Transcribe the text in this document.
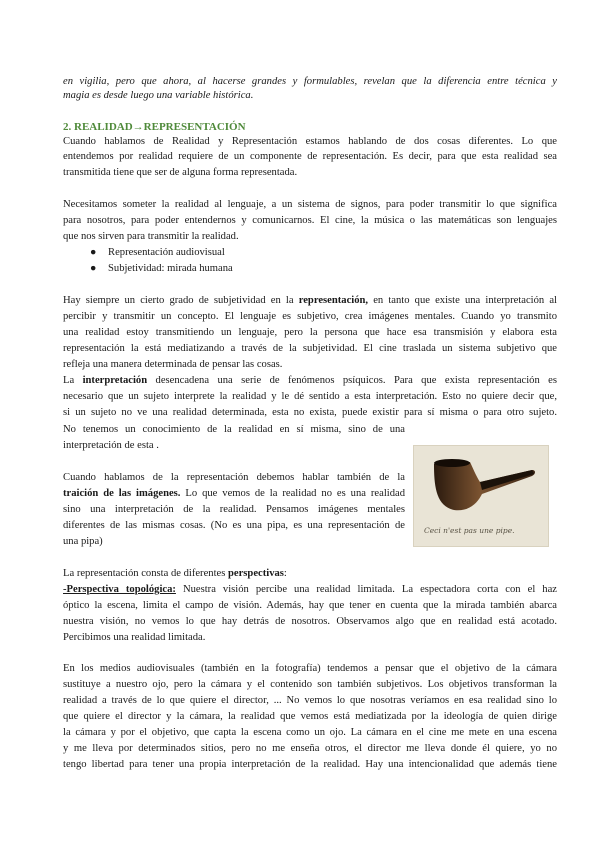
en vigilia, pero que ahora, al hacerse grandes y formulables, revelan que la diferencia entre técnica y
magia es desde luego una variable histórica.
2. REALIDAD→REPRESENTACIÓN
Cuando hablamos de Realidad y Representación estamos hablando de dos cosas diferentes. Lo que
entendemos por realidad requiere de un componente de representación. Es decir, para que esta realidad sea
transmitida tiene que ser de alguna forma representada.
Necesitamos someter la realidad al lenguaje, a un sistema de signos, para poder transmitir lo que significa
para nosotros, para poder entendernos y comunicarnos. El cine, la música o las matemáticas son lenguajes
que nos sirven para transmitir la realidad.
● Representación audiovisual
● Subjetividad: mirada humana
Hay siempre un cierto grado de subjetividad en la representación, en tanto que existe una interpretación al
percibir y transmitir un concepto. El lenguaje es subjetivo, crea imágenes mentales. Cuando yo transmito
una realidad estoy transmitiendo un lenguaje, pero la persona que hace esa transmisión y elabora esta
representación la está mediatizando a través de la subjetividad. El cine traslada un sistema subjetivo que
refleja una manera determinada de pensar las cosas.
La interpretación desencadena una serie de fenómenos psíquicos. Para que exista representación es
necesario que un sujeto interprete la realidad y le dé sentido a esta interpretación. Esto no quiere decir que,
si un sujeto no ve una realidad determinada, esta no exista, puede existir para sí misma o para otro sujeto.
No tenemos un conocimiento de la realidad en sí misma, sino de una
interpretación de esta .
Cuando hablamos de la representación debemos hablar también de la
traición de las imágenes. Lo que vemos de la realidad no es una realidad
sino una interpretación de la realidad. Pensamos imágenes mentales
diferentes de las mismas cosas. (No es una pipa, es una representación de
una pipa)
Ceci n'est pas une pipe.
La representación consta de diferentes perspectivas:
-Perspectiva topológica: Nuestra visión percibe una realidad limitada. La espectadora corta con el haz
óptico la escena, limita el campo de visión. Además, hay que tener en cuenta que la mirada también abarca
nuestra visión, no vemos lo que hay detrás de nosotros. Observamos algo que en realidad está acotado.
Percibimos una realidad limitada.
En los medios audiovisuales (también en la fotografía) tendemos a pensar que el objetivo de la cámara
sustituye a nuestro ojo, pero la cámara y el contenido son también subjetivos. Los objetivos transforman la
realidad a través de lo que quiere el director, ... No vemos lo que nosotras veríamos en esa realidad sino lo
que quiere el director y la cámara, la realidad que vemos está mediatizada por la ideología de quien dirige
la cámara y por el objetivo, que capta la escena como un ojo. La cámara en el cine me mete en una escena
y me lleva por determinados sitios, pero no me enseña otros, el director me lleva donde él quiere, yo no
tengo libertad para tener una propia interpretación de la realidad. Hay una intencionalidad que además tiene
